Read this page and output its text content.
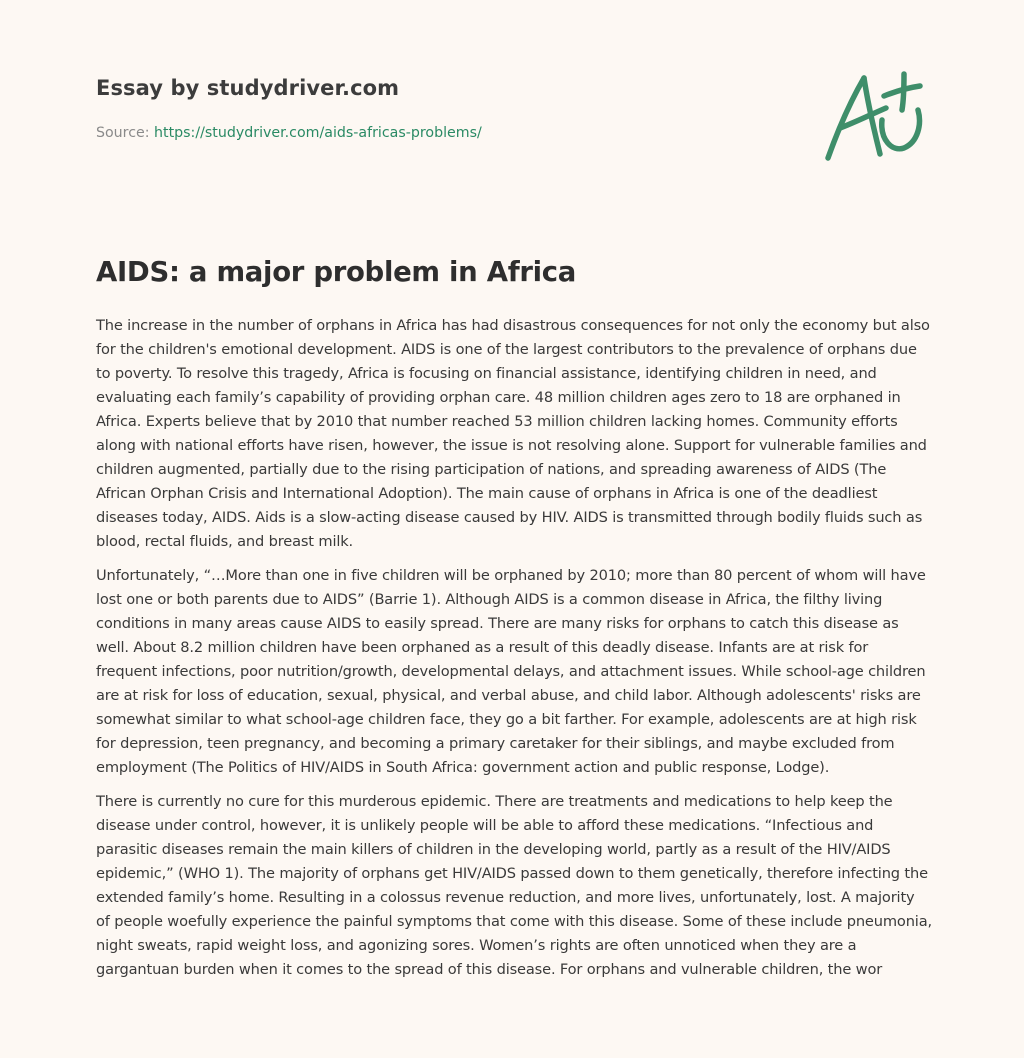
Essay by studydriver.com
Source: https://studydriver.com/aids-africas-problems/
AIDS: a major problem in Africa

The increase in the number of orphans in Africa has had disastrous consequences for not only the economy but also for the children's emotional development. AIDS is one of the largest contributors to the prevalence of orphans due to poverty. To resolve this tragedy, Africa is focusing on financial assistance, identifying children in need, and evaluating each family’s capability of providing orphan care. 48 million children ages zero to 18 are orphaned in Africa. Experts believe that by 2010 that number reached 53 million children lacking homes. Community efforts along with national efforts have risen, however, the issue is not resolving alone. Support for vulnerable families and children augmented, partially due to the rising participation of nations, and spreading awareness of AIDS (The African Orphan Crisis and International Adoption). The main cause of orphans in Africa is one of the deadliest diseases today, AIDS. Aids is a slow-acting disease caused by HIV. AIDS is transmitted through bodily fluids such as blood, rectal fluids, and breast milk.

Unfortunately, “…More than one in five children will be orphaned by 2010; more than 80 percent of whom will have lost one or both parents due to AIDS” (Barrie 1). Although AIDS is a common disease in Africa, the filthy living conditions in many areas cause AIDS to easily spread. There are many risks for orphans to catch this disease as well. About 8.2 million children have been orphaned as a result of this deadly disease. Infants are at risk for frequent infections, poor nutrition/growth, developmental delays, and attachment issues. While school-age children are at risk for loss of education, sexual, physical, and verbal abuse, and child labor. Although adolescents' risks are somewhat similar to what school-age children face, they go a bit farther. For example, adolescents are at high risk for depression, teen pregnancy, and becoming a primary caretaker for their siblings, and maybe excluded from employment (The Politics of HIV/AIDS in South Africa: government action and public response, Lodge).

There is currently no cure for this murderous epidemic. There are treatments and medications to help keep the disease under control, however, it is unlikely people will be able to afford these medications. “Infectious and parasitic diseases remain the main killers of children in the developing world, partly as a result of the HIV/AIDS epidemic,” (WHO 1). The majority of orphans get HIV/AIDS passed down to them genetically, therefore infecting the extended family’s home. Resulting in a colossus revenue reduction, and more lives, unfortunately, lost. A majority of people woefully experience the painful symptoms that come with this disease. Some of these include pneumonia, night sweats, rapid weight loss, and agonizing sores. Women’s rights are often unnoticed when they are a gargantuan burden when it comes to the spread of this disease. For orphans and vulnerable children, the wor
